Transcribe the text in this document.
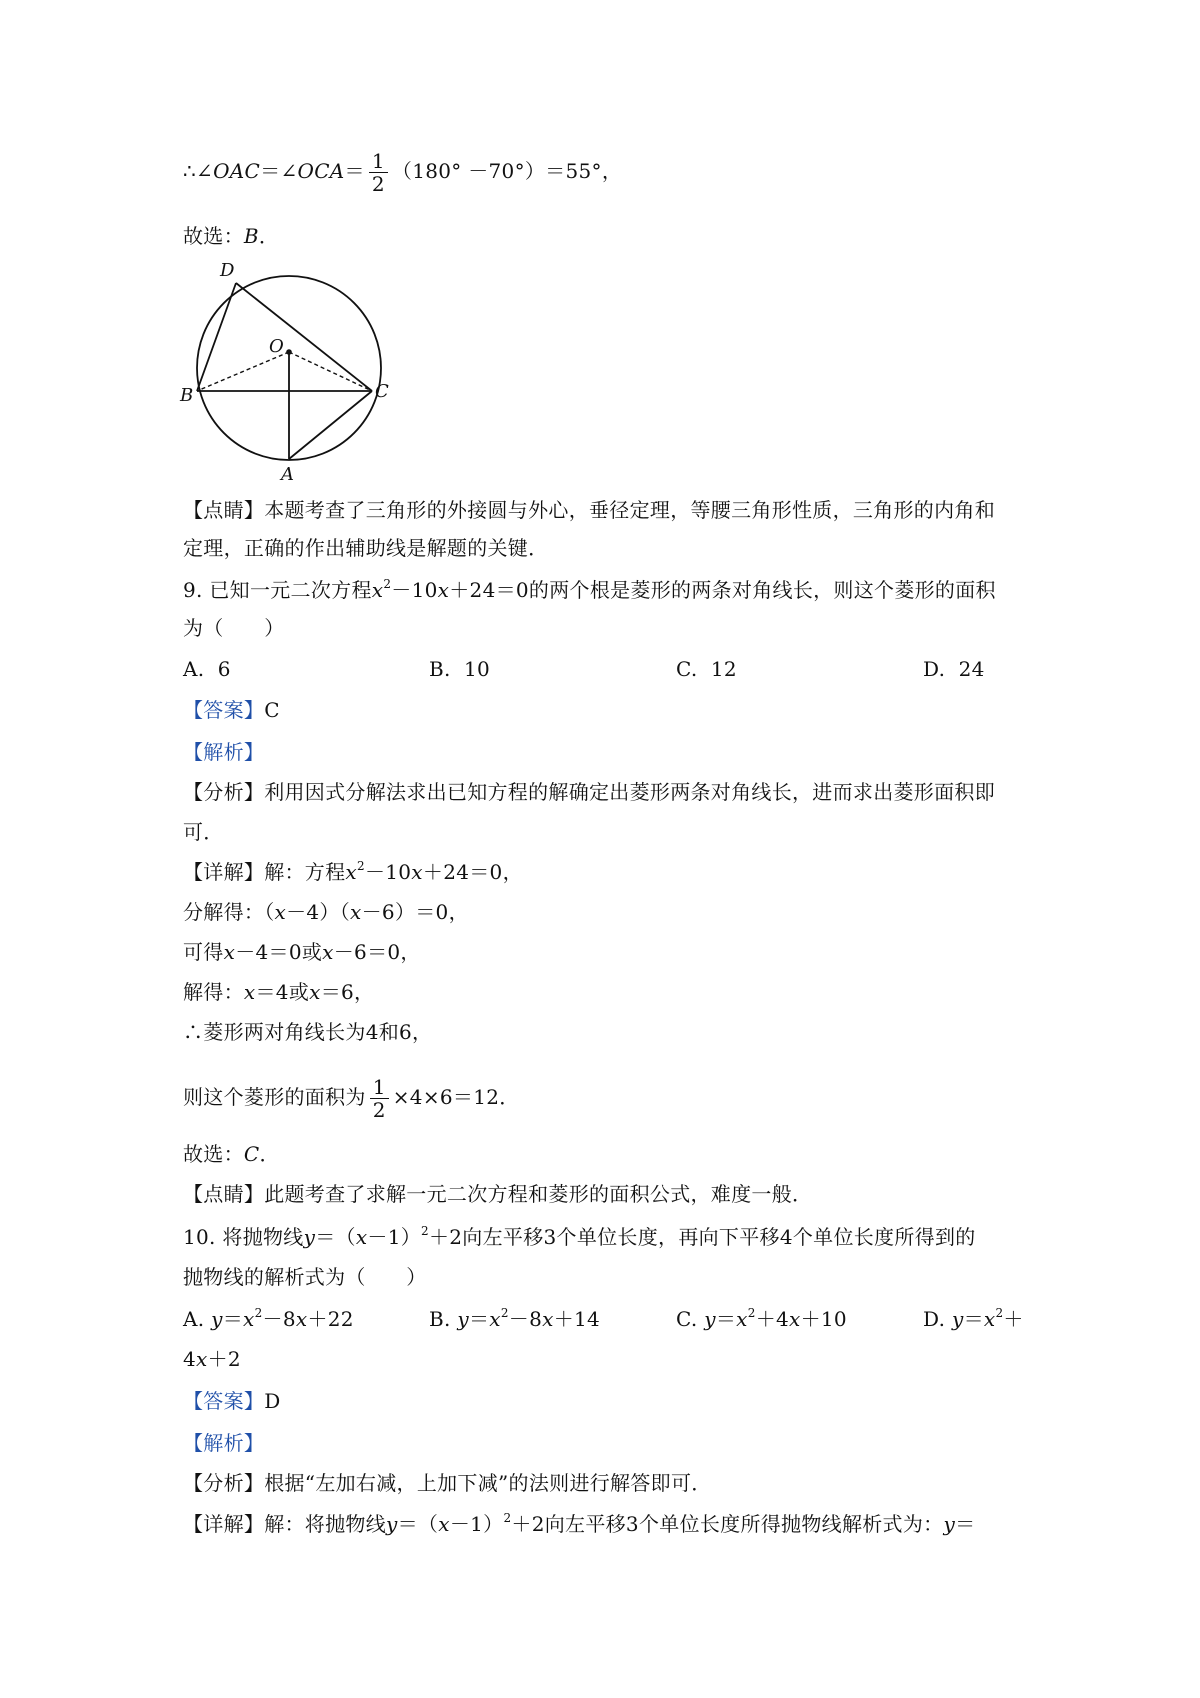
∴∠OAC＝∠OCA＝ $\frac{1}{2} (180^\circ -70^\circ)=55^\circ$，
故选：B．
D
O
B	C
A
【点睛】本题考查了三角形的外接圆与外心，垂径定理，等腰三角形性质，三角形的内角和
定理，正确的作出辅助线是解题的关键．
9. 已知一元二次方程$x^2-10x+24=0$的两个根是菱形的两条对角线长，则这个菱形的面积
为（　　）
A. 6	B. 10	C. 12	D. 24
【答案】C
【解析】
【分析】利用因式分解法求出已知方程的解确定出菱形两条对角线长，进而求出菱形面积即
可．
【详解】解：方程$x^2-10x+24=0$，
分解得：（x－4）（x－6）＝0，
可得x－4＝0或x－6＝0，
解得：x＝4或x＝6，
∴菱形两对角线长为4和6，
则这个菱形的面积为 $\frac{1}{2} \times 4\times 6=12$．
故选：C．
【点睛】此题考查了求解一元二次方程和菱形的面积公式，难度一般．
10. 将抛物线$y=(x-1)^2+2$向左平移3个单位长度，再向下平移4个单位长度所得到的
抛物线的解析式为（　　）
A. $y=x^2-8x+22$	B. $y=x^2-8x+14$	C. $y=x^2+4x+10$	D. $y=x^2+$
4x＋2
【答案】D
【解析】
【分析】根据“左加右减，上加下减”的法则进行解答即可．
【详解】解：将抛物线$y=(x-1)^2+2$向左平移3个单位长度所得抛物线解析式为：y＝
